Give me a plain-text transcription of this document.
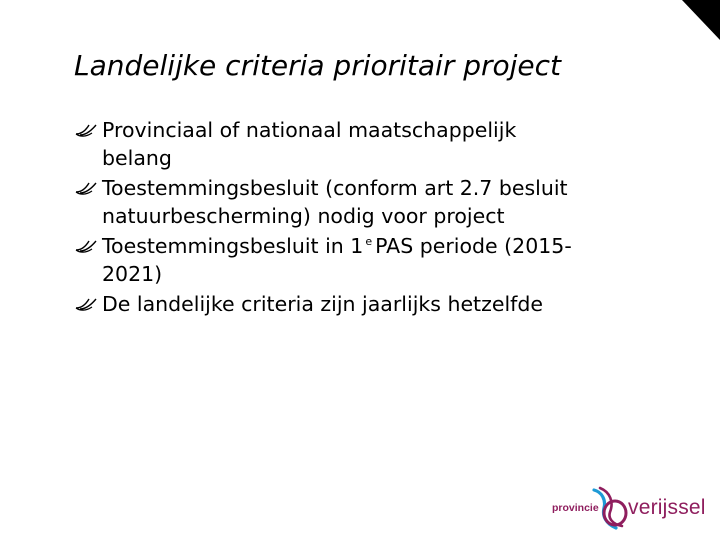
Landelijke criteria prioritair project
Provinciaal of nationaal maatschappelijk
belang
Toestemmingsbesluit (conform art 2.7 besluit
natuurbescherming) nodig voor project
Toestemmingsbesluit in 1 $^e$ PAS periode (2015-
2021)
De landelijke criteria zijn jaarlijks hetzelfde
provincie verijssel
